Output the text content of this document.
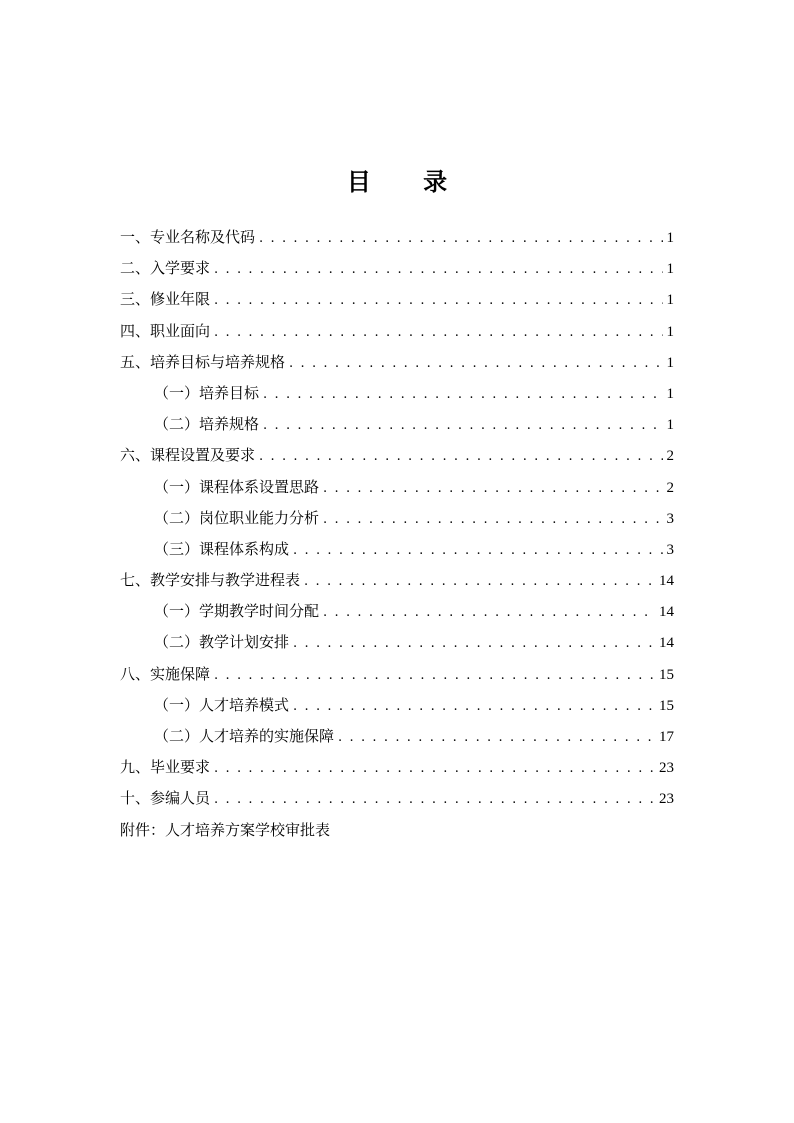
目 录
一、专业名称及代码 . . .	1
二、入学要求 . . .	1
三、修业年限 . . .	1
四、职业面向 . . .	1
五、培养目标与培养规格 . . .	1
（一）培养目标 . . .	1
（二）培养规格 . . .	1
六、课程设置及要求 . . .	2
（一）课程体系设置思路 . . .	2
（二）岗位职业能力分析 . . .	3
（三）课程体系构成 . . .	3
七、教学安排与教学进程表 . . .	14
（一）学期教学时间分配 . . .	14
（二）教学计划安排 . . .	14
八、实施保障 . . .	15
（一）人才培养模式 . . .	15
（二）人才培养的实施保障 . . .	17
九、毕业要求 . . .	23
十、参编人员 . . .	23
附件：人才培养方案学校审批表
